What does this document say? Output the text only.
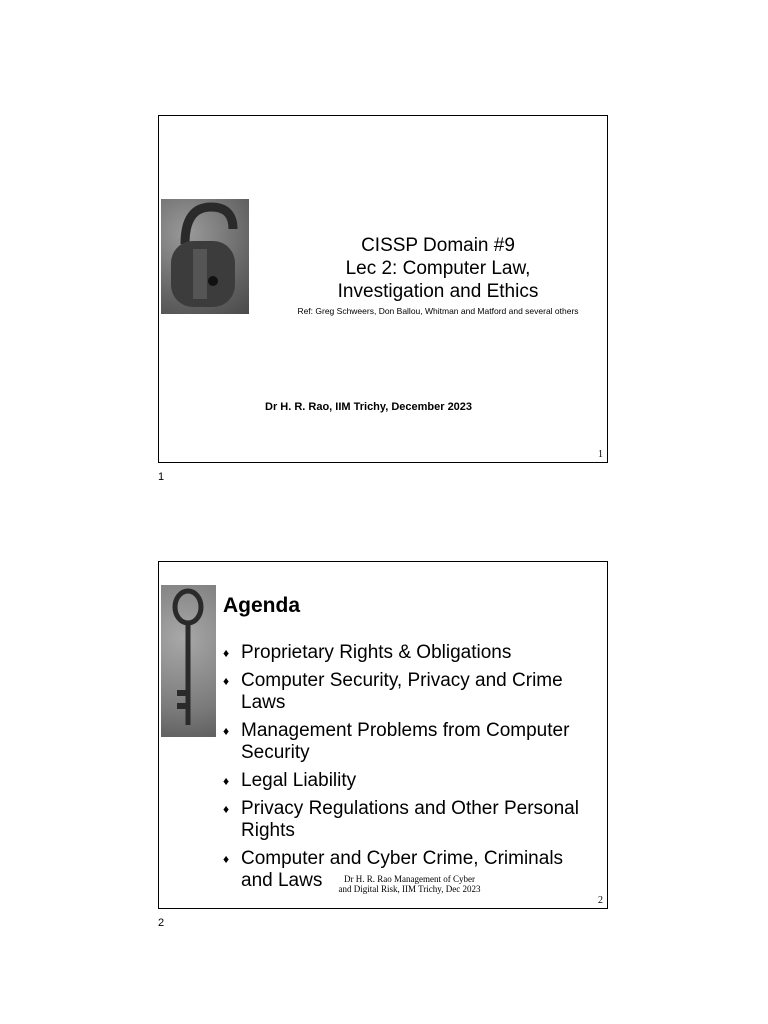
CISSP Domain #9
Lec 2: Computer Law,
Investigation and Ethics
Ref: Greg Schweers, Don Ballou, Whitman and Matford and several others
Dr H. R. Rao, IIM Trichy, December 2023
1
1
Agenda
♦ Proprietary Rights & Obligations
♦ Computer Security, Privacy and Crime Laws
♦ Management Problems from Computer Security
♦ Legal Liability
♦ Privacy Regulations and Other Personal Rights
♦ Computer and Cyber Crime, Criminals and Laws	Dr H. R. Rao Management of Cyber and Digital Risk, IIM Trichy, Dec 2023
2
2
